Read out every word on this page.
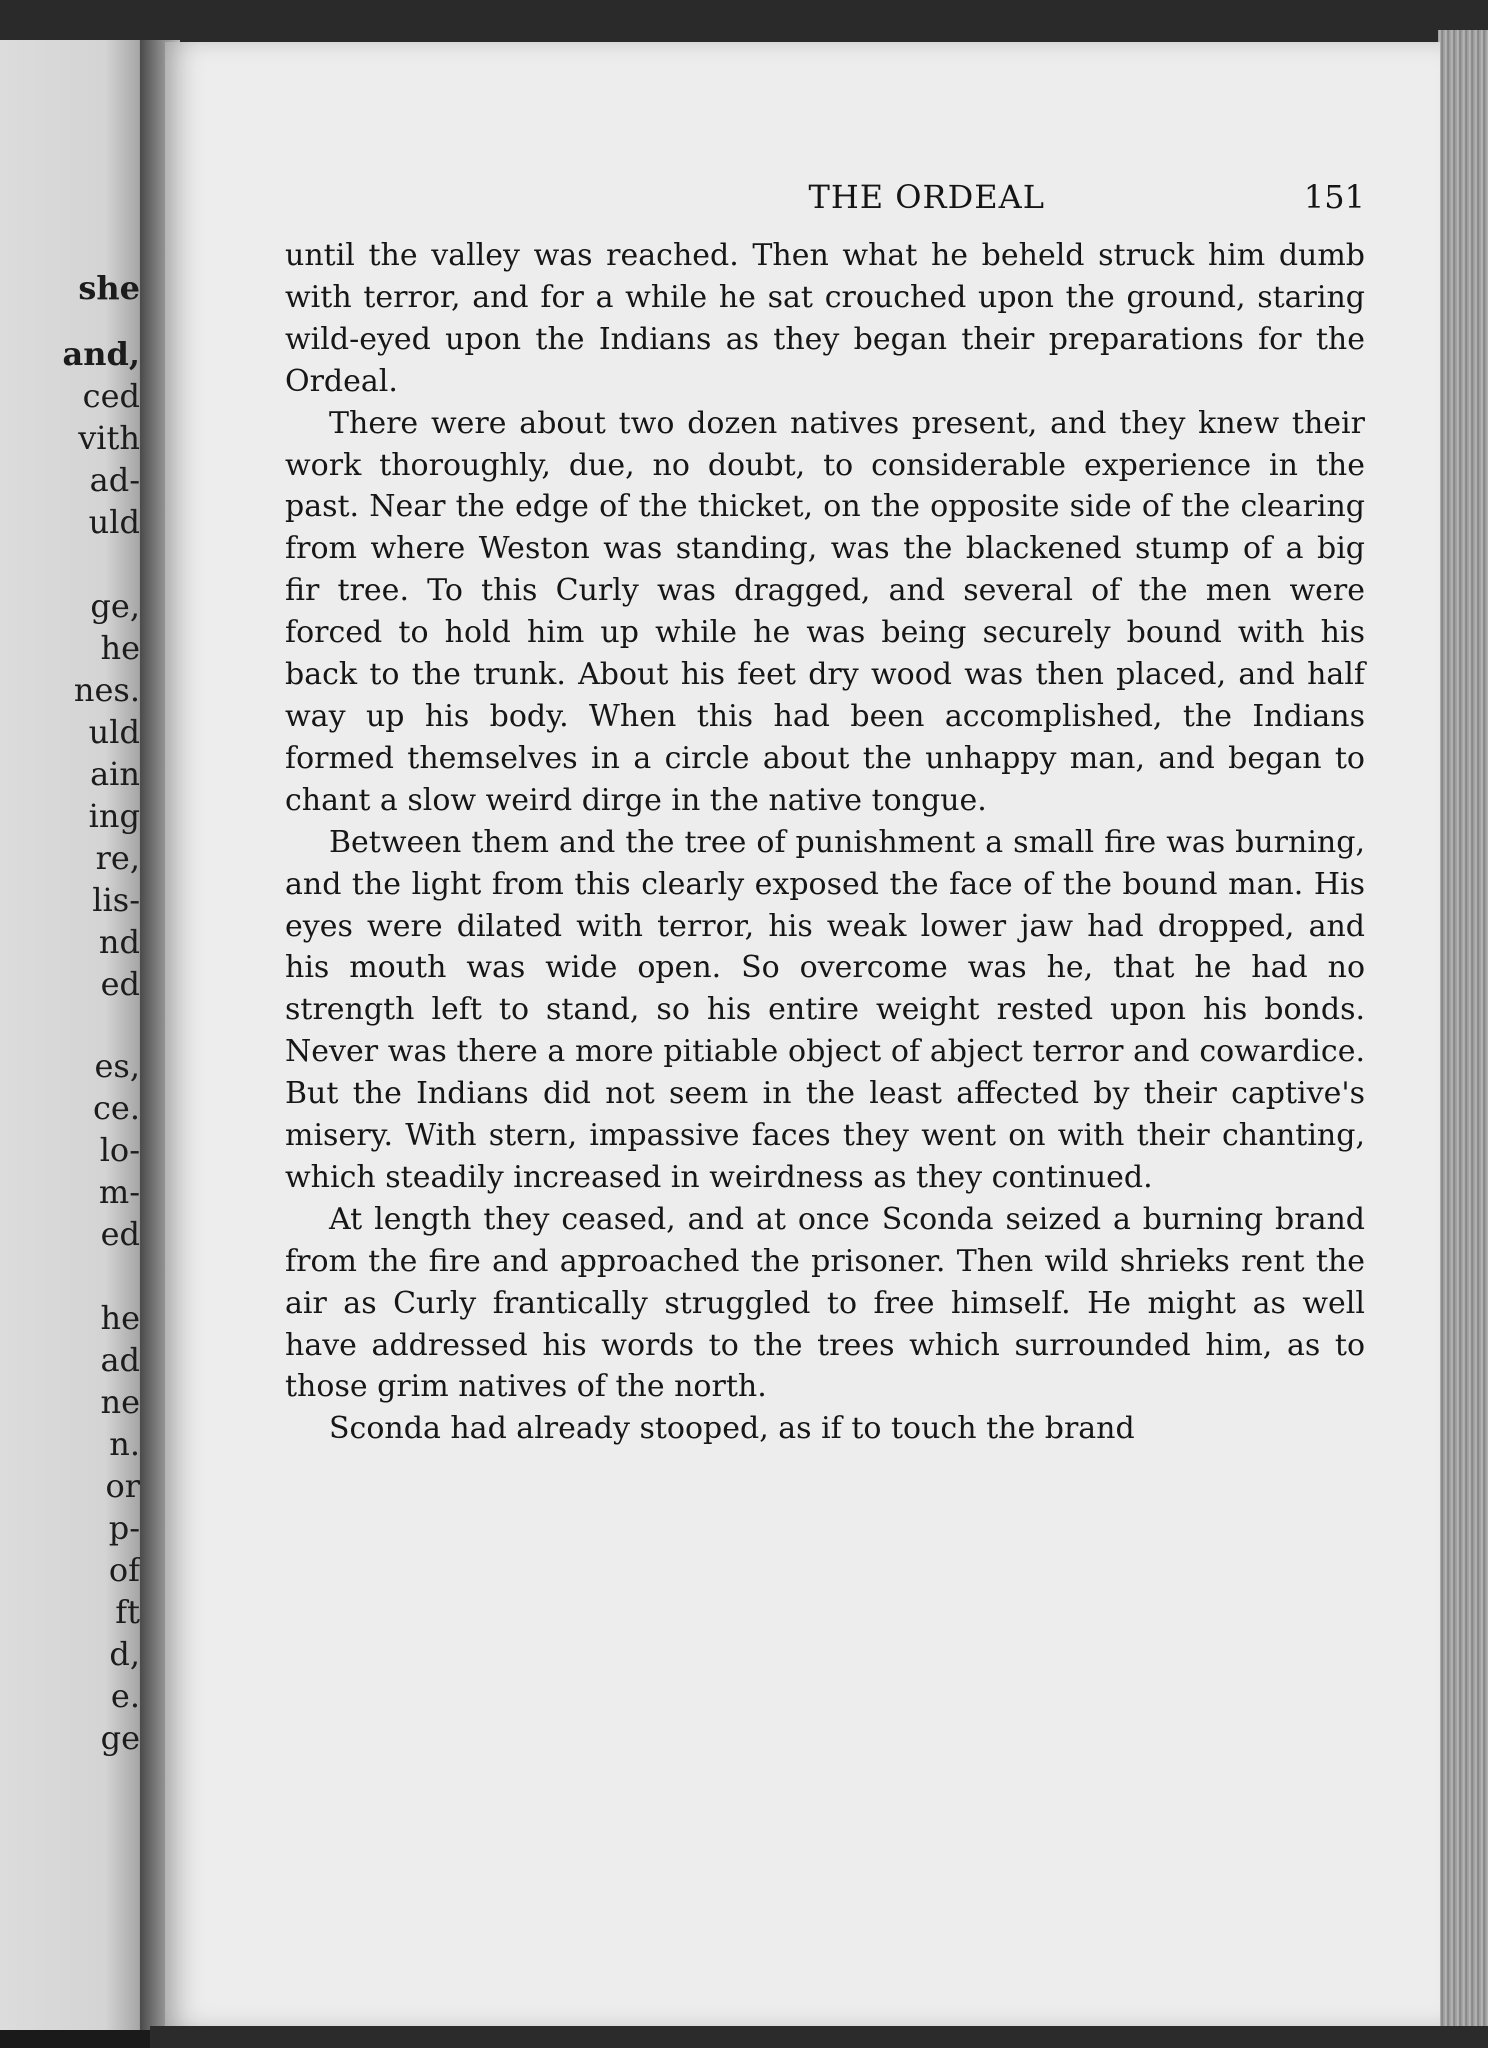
she
and,
ced
vith
ad-
uld
ge,
he
nes.
uld
ain
ing
re,
lis-
nd
ed
es,
ce.
lo-
m-
ed
he
ad
ne
n.
or
p-
of
ft
d,
e.
ge
THE ORDEAL	151

until the valley was reached. Then what he beheld struck him dumb with terror, and for a while he sat crouched upon the ground, staring wild-eyed upon the Indians as they began their preparations for the Ordeal.

There were about two dozen natives present, and they knew their work thoroughly, due, no doubt, to considerable experience in the past. Near the edge of the thicket, on the opposite side of the clearing from where Weston was standing, was the blackened stump of a big fir tree. To this Curly was dragged, and several of the men were forced to hold him up while he was being securely bound with his back to the trunk. About his feet dry wood was then placed, and half way up his body. When this had been accomplished, the Indians formed themselves in a circle about the unhappy man, and began to chant a slow weird dirge in the native tongue.

Between them and the tree of punishment a small fire was burning, and the light from this clearly exposed the face of the bound man. His eyes were dilated with terror, his weak lower jaw had dropped, and his mouth was wide open. So overcome was he, that he had no strength left to stand, so his entire weight rested upon his bonds. Never was there a more pitiable object of abject terror and cowardice. But the Indians did not seem in the least affected by their captive's misery. With stern, impassive faces they went on with their chanting, which steadily increased in weirdness as they continued.

At length they ceased, and at once Sconda seized a burning brand from the fire and approached the prisoner. Then wild shrieks rent the air as Curly frantically struggled to free himself. He might as well have addressed his words to the trees which surrounded him, as to those grim natives of the north.

Sconda had already stooped, as if to touch the brand
